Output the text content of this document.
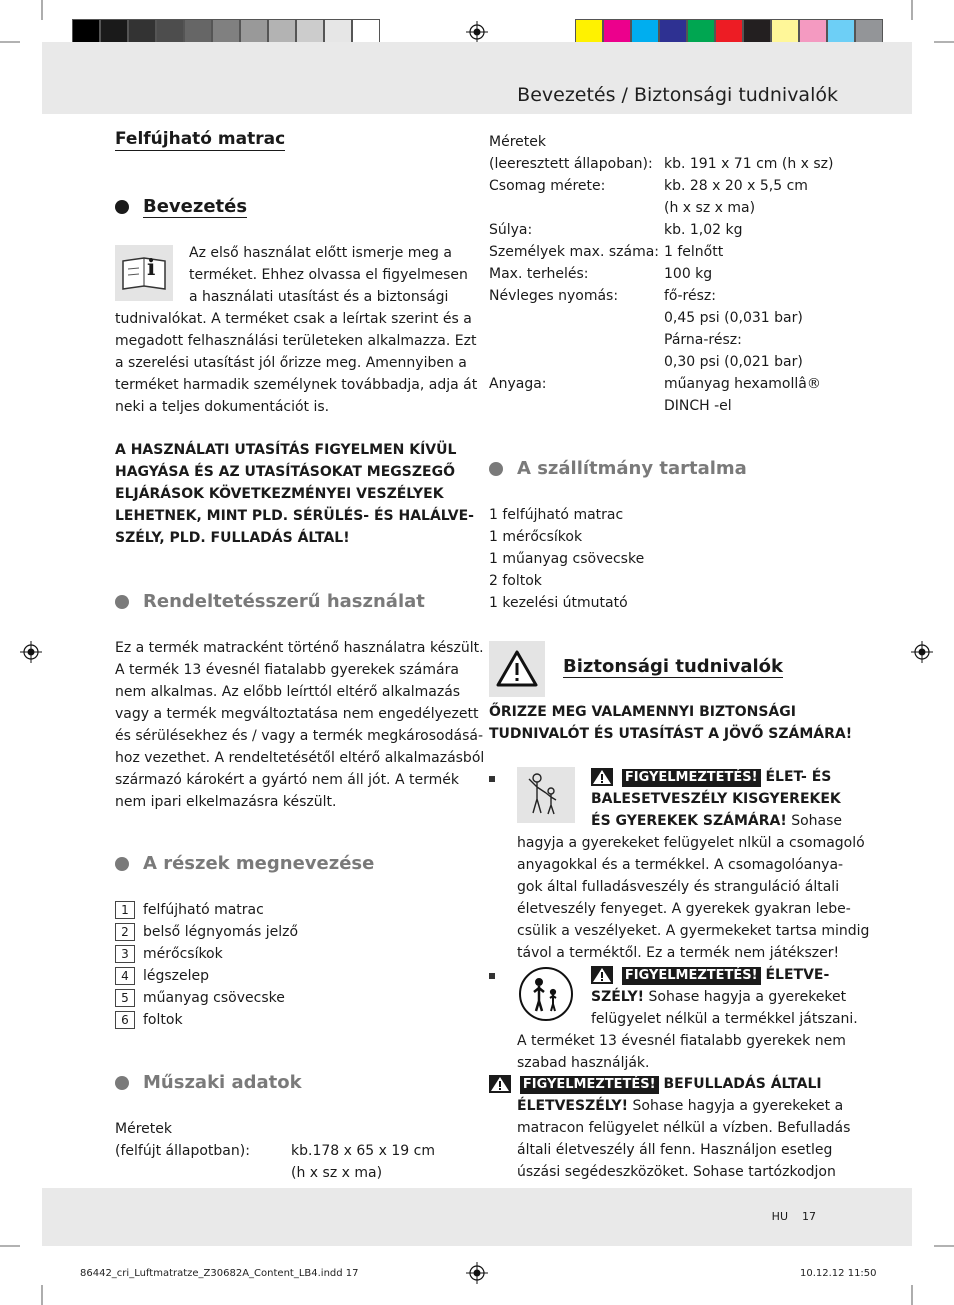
Bevezetés / Biztonsági tudnivalók
Felfújható matrac
Bevezetés
i
Az első használat előtt ismerje meg a
terméket. Ehhez olvassa el figyelmesen
a használati utasítást és a biztonsági
tudnivalókat. A terméket csak a leírtak szerint és a
megadott felhasználási területeken alkalmazza. Ezt
a szerelési utasítást jól őrizze meg. Amennyiben a
terméket harmadik személynek továbbadja, adja át
neki a teljes dokumentációt is.
A HASZNÁLATI UTASÍTÁS FIGYELMEN KÍVÜL
HAGYÁSA ÉS AZ UTASÍTÁSOKAT MEGSZEGŐ
ELJÁRÁSOK KÖVETKEZMÉNYEI VESZÉLYEK
LEHETNEK, MINT PLD. SÉRÜLÉS- ÉS HALÁLVE-
SZÉLY, PLD. FULLADÁS ÁLTAL!
Rendeltetésszerű használat
Ez a termék matracként történő használatra készült.
A termék 13 évesnél fiatalabb gyerekek számára
nem alkalmas. Az előbb leírttól eltérő alkalmazás
vagy a termék megváltoztatása nem engedélyezett
és sérülésekhez és / vagy a termék megkárosodásá-
hoz vezethet. A rendeltetésétől eltérő alkalmazásból
származó károkért a gyártó nem áll jót. A termék
nem ipari elkelmazásra készült.
A részek megnevezése
1	felfújható matrac
2	belső légnyomás jelző
3	mérőcsíkok
4	légszelep
5	műanyag csövecske
6	foltok
Műszaki adatok
Méretek
(felfújt állapotban):	kb.178 x 65 x 19 cm
(h x sz x ma)
Méretek
(leeresztett állapoban): kb. 191 x 71 cm (h x sz)
Csomag mérete:	kb. 28 x 20 x 5,5 cm
(h x sz x ma)
Súlya:	kb. 1,02 kg
Személyek max. száma: 1 felnőtt
Max. terhelés:	100 kg
Névleges nyomás:	fő-rész:
0,45 psi (0,031 bar)
Párna-rész:
0,30 psi (0,021 bar)
Anyaga:	műanyag hexamollâ®
DINCH -el
A szállítmány tartalma
1 felfújható matrac
1 mérőcsíkok
1 műanyag csövecske
2 foltok
1 kezelési útmutató
Biztonsági tudnivalók
ŐRIZZE MEG VALAMENNYI BIZTONSÁGI
TUDNIVALÓT ÉS UTASÍTÁST A JÖVŐ SZÁMÁRA!
FIGYELMEZTETÉS! ÉLET- ÉS
BALESETVESZÉLY KISGYEREKEK
ÉS GYEREKEK SZÁMÁRA! Sohase
hagyja a gyerekeket felügyelet nlkül a csomagoló
anyagokkal és a termékkel. A csomagolóanya-
gok által fulladásveszély és stranguláció általi
életveszély fenyeget. A gyerekek gyakran lebe-
csülik a veszélyeket. A gyermekeket tartsa mindig
távol a terméktől. Ez a termék nem játékszer!
FIGYELMEZTETÉS! ÉLETVE-
SZÉLY! Sohase hagyja a gyerekeket
felügyelet nélkül a termékkel játszani.
A terméket 13 évesnél fiatalabb gyerekek nem
szabad használják.
FIGYELMEZTETÉS! BEFULLADÁS ÁLTALI
ÉLETVESZÉLY! Sohase hagyja a gyerekeket a
matracon felügyelet nélkül a vízben. Befulladás
általi életveszély áll fenn. Használjon esetleg
úszási segédeszközöket. Sohase tartózkodjon
HU 17
86442_cri_Luftmatratze_Z30682A_Content_LB4.indd 17	10.12.12 11:50
